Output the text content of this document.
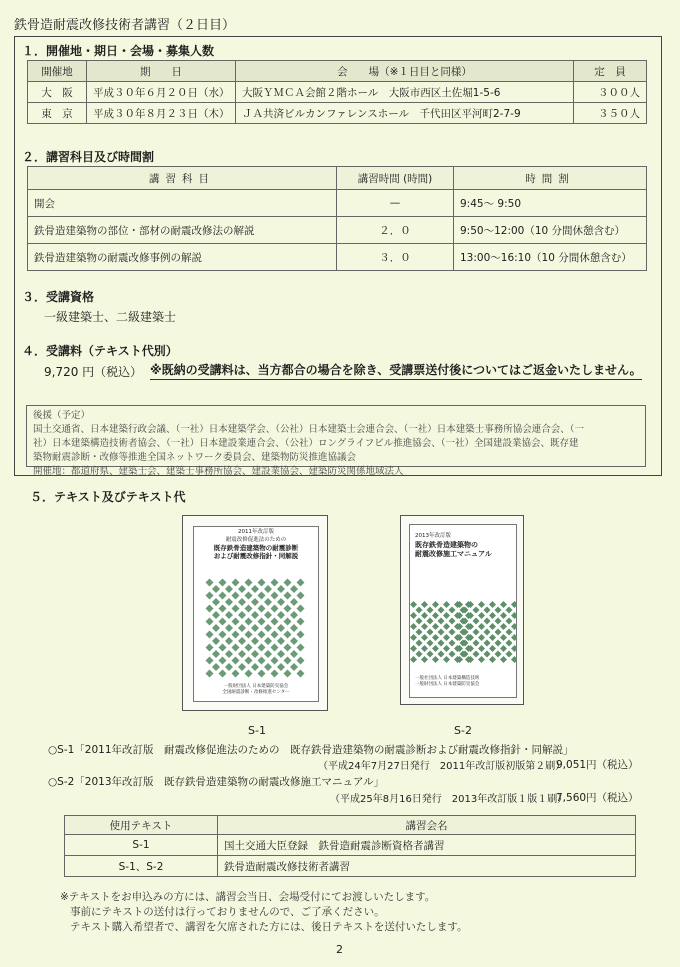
鉄骨造耐震改修技術者講習（２日目）
１．開催地・期日・会場・募集人数
開催地	期　　日	会　　場（※１日目と同様）	定　員
大　阪	平成３０年６月２０日（水）	大阪ＹＭＣＡ会館２階ホール　大阪市西区土佐堀1-5-6	３００人
東　京	平成３０年８月２３日（木）	ＪＡ共済ビルカンファレンスホール　千代田区平河町2-7-9	３５０人
２．講習科目及び時間割
講習科目	講習時間 (時間)	時間割
開会	—	9:45～ 9:50
鉄骨造建築物の部位・部材の耐震改修法の解説	２．０	9:50～12:00（10 分間休憩含む）
鉄骨造建築物の耐震改修事例の解説	３．０	13:00～16:10（10 分間休憩含む）
３．受講資格
一級建築士、二級建築士
４．受講料（テキスト代別）
9,720 円（税込） ※既納の受講料は、当方都合の場合を除き、受講票送付後についてはご返金いたしません。
後援（予定）
国土交通省、日本建築行政会議、（一社）日本建築学会、（公社）日本建築士会連合会、（一社）日本建築士事務所協会連合会、（一
社）日本建築構造技術者協会、（一社）日本建設業連合会、（公社）ロングライフビル推進協会、（一社）全国建設業協会、既存建
築物耐震診断・改修等推進全国ネットワーク委員会、建築物防災推進協議会
開催地：都道府県、建築士会、建築士事務所協会、建設業協会、建築防災関係地域法人
５．テキスト及びテキスト代
2011年改訂版
耐震改修促進法のための
既存鉄骨造建築物の耐震診断
および耐震改修指針・同解説
一般財団法人 日本建築防災協会
全国耐震診断・改修推進センター
S-1
2013年改訂版
既存鉄骨造建築物の
耐震改修施工マニュアル
一般社団法人 日本建築構造技術
一般財団法人 日本建築防災協会
S-2
○S-1「2011年改訂版　耐震改修促進法のための　既存鉄骨造建築物の耐震診断および耐震改修指針・同解説」
（平成24年7月27日発行　2011年改訂版初版第２刷）
9,051円（税込）
○S-2「2013年改訂版　既存鉄骨造建築物の耐震改修施工マニュアル」
（平成25年8月16日発行　2013年改訂版１版１刷）
7,560円（税込）
使用テキスト	講習会名
S-1	国土交通大臣登録　鉄骨造耐震診断資格者講習
S-1、S-2	鉄骨造耐震改修技術者講習
※テキストをお申込みの方には、講習会当日、会場受付にてお渡しいたします。
事前にテキストの送付は行っておりませんので、ご了承ください。
テキスト購入希望者で、講習を欠席された方には、後日テキストを送付いたします。
2
